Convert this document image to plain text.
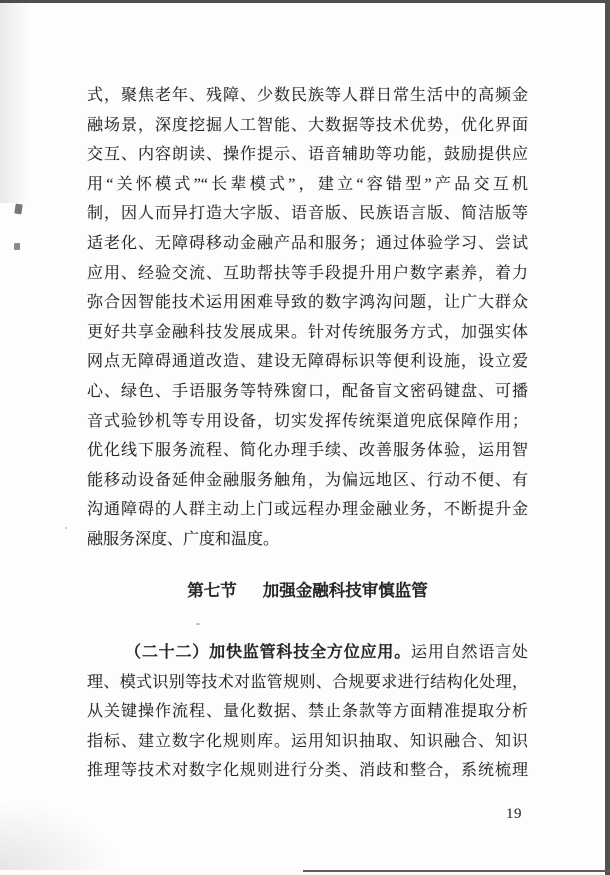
式，聚焦老年、残障、少数民族等人群日常生活中的高频金
融场景，深度挖掘人工智能、大数据等技术优势，优化界面
交互、内容朗读、操作提示、语音辅助等功能，鼓励提供应
用“关怀模式”“长辈模式”，建立“容错型”产品交互机
制，因人而异打造大字版、语音版、民族语言版、简洁版等
适老化、无障碍移动金融产品和服务；通过体验学习、尝试
应用、经验交流、互助帮扶等手段提升用户数字素养，着力
弥合因智能技术运用困难导致的数字鸿沟问题，让广大群众
更好共享金融科技发展成果。针对传统服务方式，加强实体
网点无障碍通道改造、建设无障碍标识等便利设施，设立爱
心、绿色、手语服务等特殊窗口，配备盲文密码键盘、可播
音式验钞机等专用设备，切实发挥传统渠道兜底保障作用；
优化线下服务流程、简化办理手续、改善服务体验，运用智
能移动设备延伸金融服务触角，为偏远地区、行动不便、有
沟通障碍的人群主动上门或远程办理金融业务，不断提升金
融服务深度、广度和温度。
第七节 加强金融科技审慎监管
（二十二）加快监管科技全方位应用。运用自然语言处
理、模式识别等技术对监管规则、合规要求进行结构化处理，
从关键操作流程、量化数据、禁止条款等方面精准提取分析
指标、建立数字化规则库。运用知识抽取、知识融合、知识
推理等技术对数字化规则进行分类、消歧和整合，系统梳理
19
